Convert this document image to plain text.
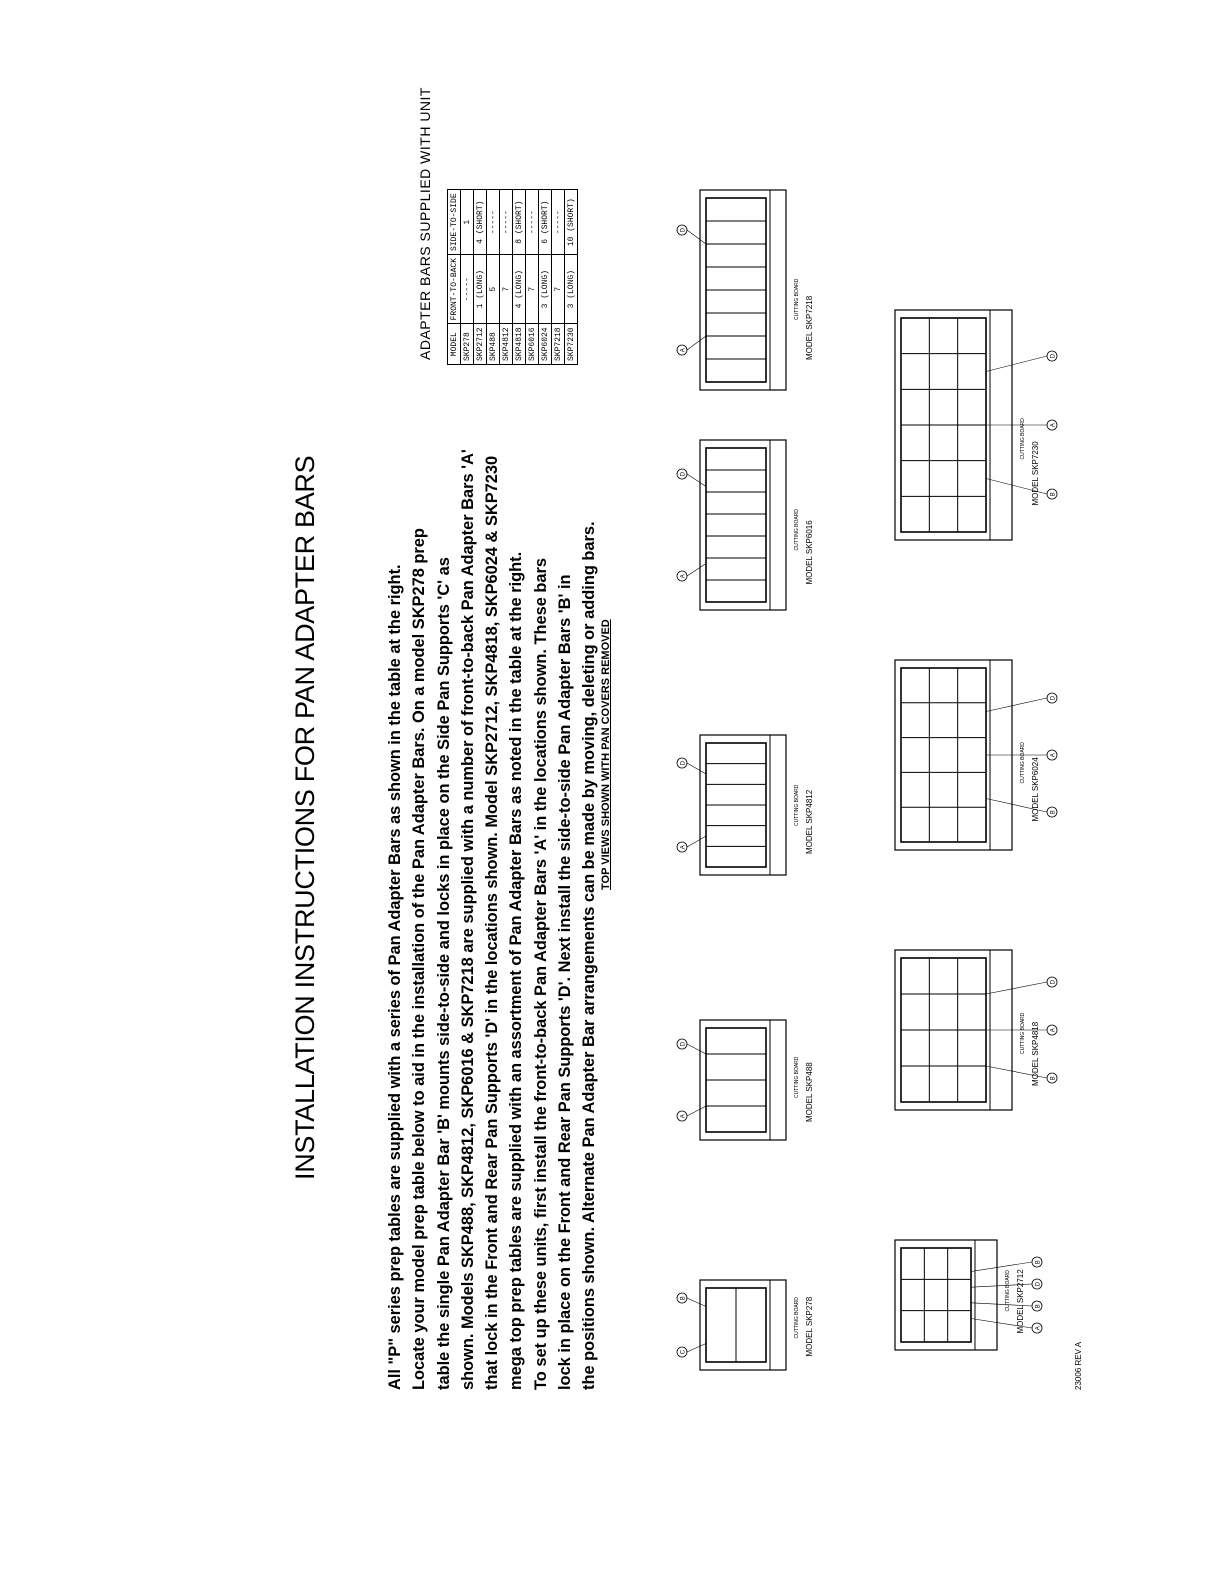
INSTALLATION INSTRUCTIONS FOR PAN ADAPTER BARS	All "P" series prep tables are supplied with a series of Pan Adapter Bars as shown in the table at the right. Locate your model prep table below to aid in the installation of the Pan Adapter Bars. On a model SKP278 prep table the single Pan Adapter Bar 'B' mounts side-to-side and locks in place on the Side Pan Supports 'C' as shown. Models SKP488, SKP4812, SKP6016 & SKP7218 are supplied with a number of front-to-back Pan Adapter Bars 'A' that lock in the Front and Rear Pan Supports 'D' in the locations shown. Model SKP2712, SKP4818, SKP6024 & SKP7230 mega top prep tables are supplied with an assortment of Pan Adapter Bars as noted in the table at the right. To set up these units, first install the front-to-back Pan Adapter Bars 'A' in the locations shown. These bars lock in place on the Front and Rear Pan Supports 'D'. Next install the side-to-side Pan Adapter Bars 'B' in the positions shown. Alternate Pan Adapter Bar arrangements can be made by moving, deleting or adding bars.
ADAPTER BARS SUPPLIED WITH UNIT MODEL	FRONT-TO-BACK	SIDE-TO-SIDE
SKP278	-----	1
SKP2712	1 (LONG)	4 (SHORT)
SKP488	5	-----
SKP4812	7	-----
SKP4818	4 (LONG)	8 (SHORT)
SKP6016	7	-----
SKP6024	3 (LONG)	6 (SHORT)
SKP7218	7	-----
SKP7230	3 (LONG)	10 (SHORT)
TOP VIEWS SHOWN WITH PAN COVERS REMOVED
CUTTING BOARD MODEL SKP278
C
B
CUTTING BOARD MODEL SKP488
A
D
CUTTING BOARD MODEL SKP4812
A
D
CUTTING BOARD MODEL SKP6016
A
D
CUTTING BOARD MODEL SKP7218
A
D
CUTTING BOARD MODEL SKP2712 A
B
D
B
CUTTING BOARD MODEL SKP4818 B
A
D
CUTTING BOARD MODEL SKP6024 B
A
D
CUTTING BOARD
MODEL SKP7230 B
A
D
23006 REV A
